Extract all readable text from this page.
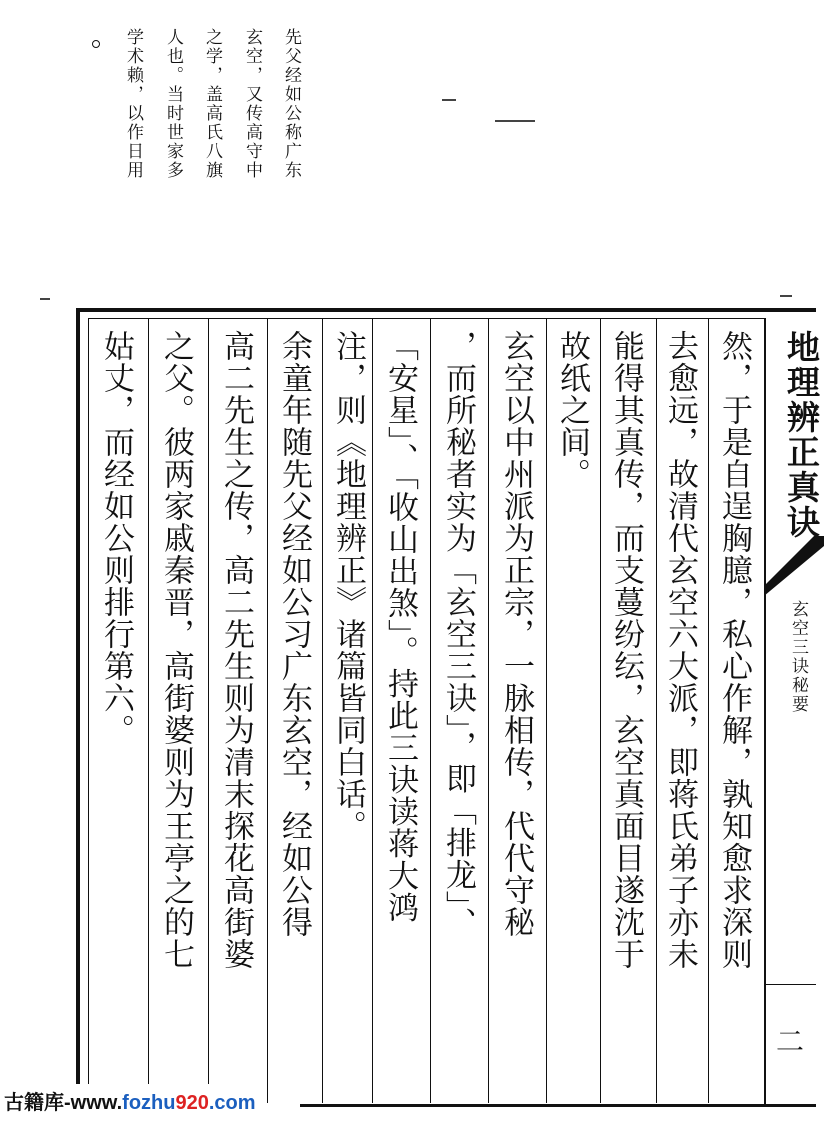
先父经如公称广东
玄空，又传高守中
之学，盖高氏八旗
人也。当时世家多
学术赖，以作日用
地理辨正真诀
玄空三诀秘要
二
然，于是自逞胸臆，私心作解，孰知愈求深则
去愈远，故清代玄空六大派，即蒋氏弟子亦未
能得其真传，而支蔓纷纭，玄空真面目遂沈于
故纸之间。
玄空以中州派为正宗，一脉相传，代代守秘
，而所秘者实为「玄空三诀」，即「排龙」、
「安星」、「收山出煞」。持此三诀读蒋大鸿
注，则《地理辨正》诸篇皆同白话。
余童年随先父经如公习广东玄空，经如公得
高二先生之传，高二先生则为清末探花高街婆
之父。彼两家戚秦晋，高街婆则为王亭之的七
姑丈，而经如公则排行第六。
古籍库-www.fozhu920.com
